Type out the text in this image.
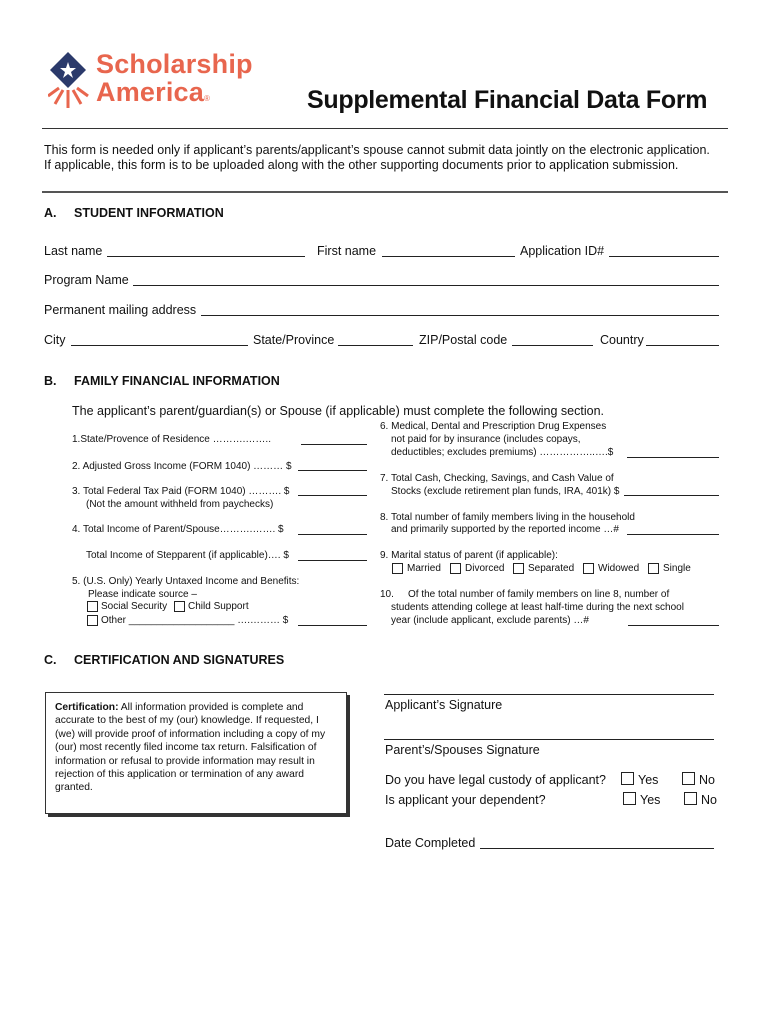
Scholarship
America®	Supplemental Financial Data Form
This form is needed only if applicant’s parents/applicant’s spouse cannot submit data jointly on the electronic application.
If applicable, this form is to be uploaded along with the other supporting documents prior to application submission.
A. STUDENT INFORMATION
Last name	First name	Application ID#
Program Name
Permanent mailing address
City	State/Province	ZIP/Postal code	Country
B. FAMILY FINANCIAL INFORMATION
The applicant’s parent/guardian(s) or Spouse (if applicable) must complete the following section.
1.State/Provence of Residence ……….……..
2. Adjusted Gross Income (FORM 1040) ……… $
3. Total Federal Tax Paid (FORM 1040) ………. $
(Not the amount withheld from paychecks)
4. Total Income of Parent/Spouse……….……. $
Total Income of Stepparent (if applicable)…. $
5. (U.S. Only) Yearly Untaxed Income and Benefits:
Please indicate source –
Social Security Child Support
Other ___________________ ….……… $
6. Medical, Dental and Prescription Drug Expenses
not paid for by insurance (includes copays,
deductibles; excludes premiums) ……………..….$
7. Total Cash, Checking, Savings, and Cash Value of
Stocks (exclude retirement plan funds, IRA, 401k) $
8. Total number of family members living in the household
and primarily supported by the reported income …#
9. Marital status of parent (if applicable):
Married Divorced Separated Widowed Single
10. Of the total number of family members on line 8, number of
students attending college at least half-time during the next school
year (include applicant, exclude parents) …#
C. CERTIFICATION AND SIGNATURES
Certification: All information provided is complete and accurate to the best of my (our) knowledge. If requested, I (we) will provide proof of information including a copy of my (our) most recently filed income tax return. Falsification of information or refusal to provide information may result in rejection of this application or termination of any award granted.
Applicant’s Signature
Parent’s/Spouses Signature
Do you have legal custody of applicant?	Yes	No
Is applicant your dependent?	Yes	No
Date Completed
